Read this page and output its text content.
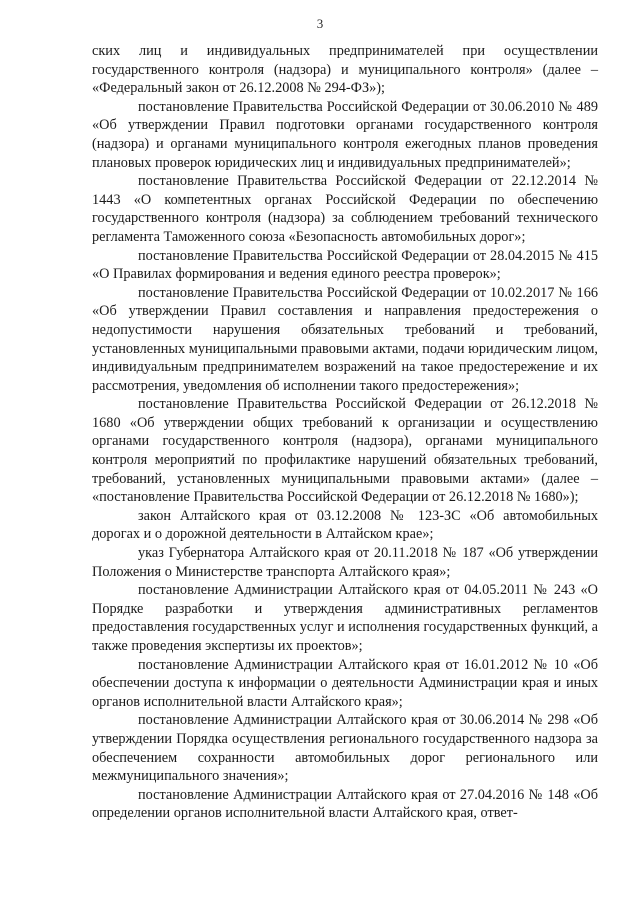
3

ских лиц и индивидуальных предпринимателей при осуществлении государственного контроля (надзора) и муниципального контроля» (далее – «Федеральный закон от 26.12.2008 № 294-ФЗ»);

постановление Правительства Российской Федерации от 30.06.2010 № 489 «Об утверждении Правил подготовки органами государственного контроля (надзора) и органами муниципального контроля ежегодных планов проведения плановых проверок юридических лиц и индивидуальных предпринимателей»;

постановление Правительства Российской Федерации от 22.12.2014 № 1443 «О компетентных органах Российской Федерации по обеспечению государственного контроля (надзора) за соблюдением требований технического регламента Таможенного союза «Безопасность автомобильных дорог»;

постановление Правительства Российской Федерации от 28.04.2015 № 415 «О Правилах формирования и ведения единого реестра проверок»;

постановление Правительства Российской Федерации от 10.02.2017 № 166 «Об утверждении Правил составления и направления предостережения о недопустимости нарушения обязательных требований и требований, установленных муниципальными правовыми актами, подачи юридическим лицом, индивидуальным предпринимателем возражений на такое предостережение и их рассмотрения, уведомления об исполнении такого предостережения»;

постановление Правительства Российской Федерации от 26.12.2018 № 1680 «Об утверждении общих требований к организации и осуществлению органами государственного контроля (надзора), органами муниципального контроля мероприятий по профилактике нарушений обязательных требований, требований, установленных муниципальными правовыми актами» (далее – «постановление Правительства Российской Федерации от 26.12.2018 № 1680»);

закон Алтайского края от 03.12.2008 № 123-ЗС «Об автомобильных дорогах и о дорожной деятельности в Алтайском крае»;

указ Губернатора Алтайского края от 20.11.2018 № 187 «Об утверждении Положения о Министерстве транспорта Алтайского края»;

постановление Администрации Алтайского края от 04.05.2011 № 243 «О Порядке разработки и утверждения административных регламентов предоставления государственных услуг и исполнения государственных функций, а также проведения экспертизы их проектов»;

постановление Администрации Алтайского края от 16.01.2012 № 10 «Об обеспечении доступа к информации о деятельности Администрации края и иных органов исполнительной власти Алтайского края»;

постановление Администрации Алтайского края от 30.06.2014 № 298 «Об утверждении Порядка осуществления регионального государственного надзора за обеспечением сохранности автомобильных дорог регионального или межмуниципального значения»;

постановление Администрации Алтайского края от 27.04.2016 № 148 «Об определении органов исполнительной власти Алтайского края, ответ-
